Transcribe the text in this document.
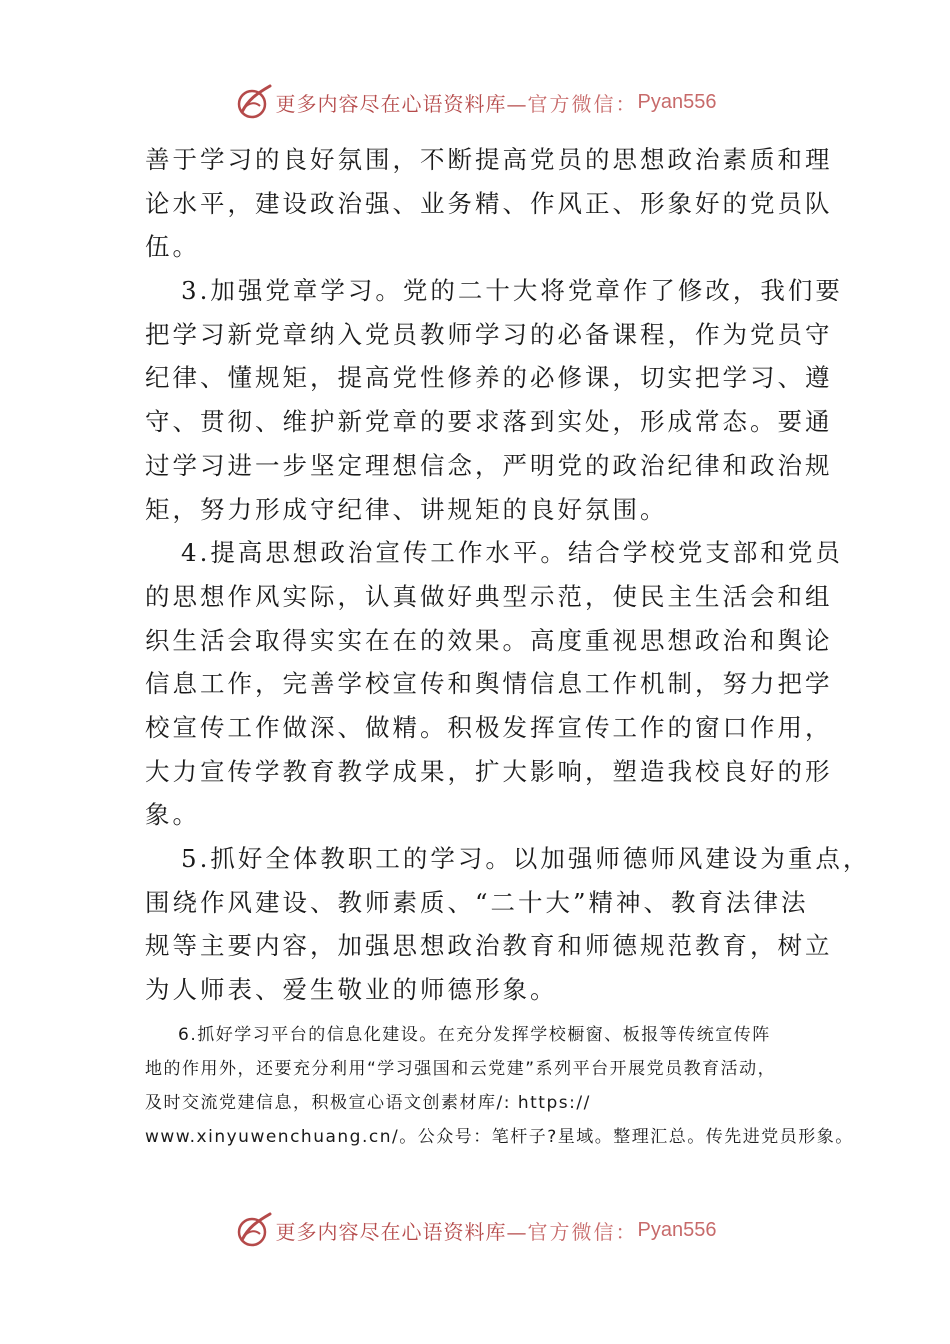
更多内容尽在心语资料库— 官方微信： Pyan556
善于学习的良好氛围，不断提高党员的思想政治素质和理
论水平，建设政治强、业务精、作风正、形象好的党员队
伍。
3.加强党章学习。党的二十大将党章作了修改，我们要
把学习新党章纳入党员教师学习的必备课程，作为党员守
纪律、懂规矩，提高党性修养的必修课，切实把学习、遵
守、贯彻、维护新党章的要求落到实处，形成常态。要通
过学习进一步坚定理想信念，严明党的政治纪律和政治规
矩，努力形成守纪律、讲规矩的良好氛围。
4.提高思想政治宣传工作水平。结合学校党支部和党员
的思想作风实际，认真做好典型示范，使民主生活会和组
织生活会取得实实在在的效果。高度重视思想政治和舆论
信息工作，完善学校宣传和舆情信息工作机制，努力把学
校宣传工作做深、做精。积极发挥宣传工作的窗口作用，
大力宣传学教育教学成果，扩大影响，塑造我校良好的形
象。
5.抓好全体教职工的学习。以加强师德师风建设为重点，
围绕作风建设、教师素质、“二十大”精神、教育法律法
规等主要内容，加强思想政治教育和师德规范教育，树立
为人师表、爱生敬业的师德形象。
6.抓好学习平台的信息化建设。在充分发挥学校橱窗、板报等传统宣传阵
地的作用外，还要充分利用“学习强国和云党建”系列平台开展党员教育活动，
及时交流党建信息，积极宣心语文创素材库/: https://
www.xinyuwenchuang.cn/。公众号：笔杆子?星域。整理汇总。传先进党员形象。
更多内容尽在心语资料库— 官方微信： Pyan556
